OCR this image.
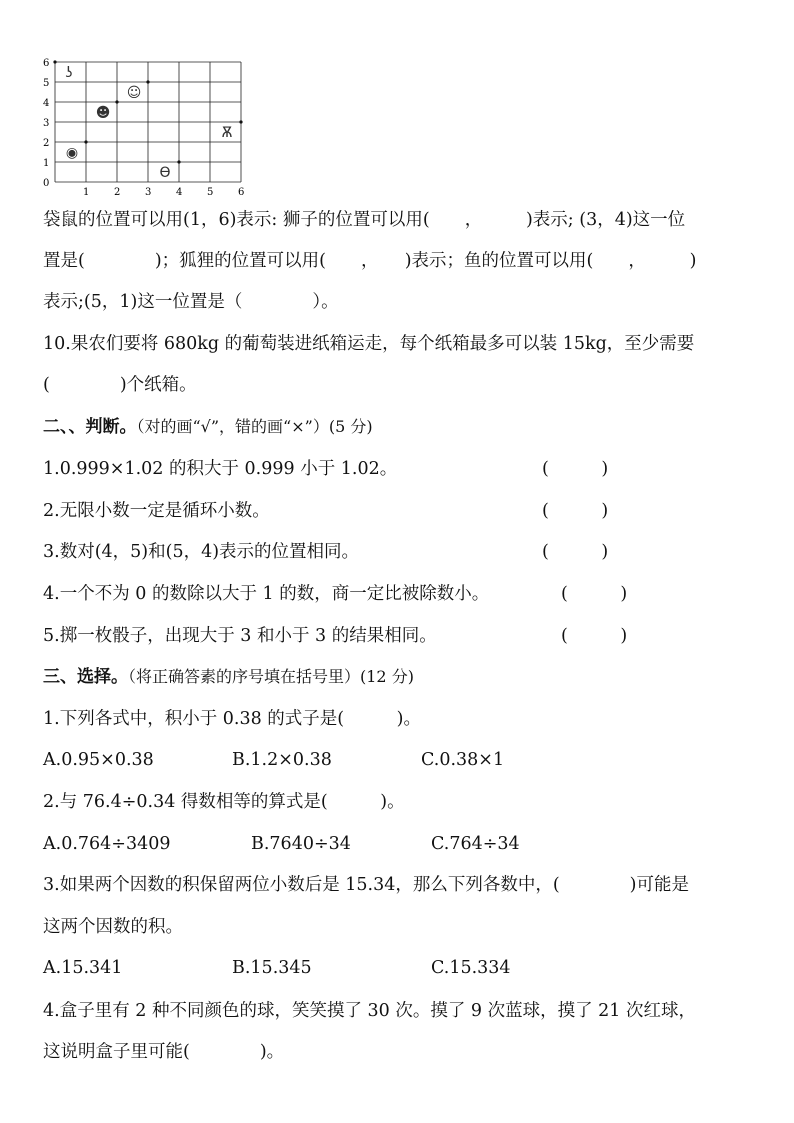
0
1
2
3
4
5
6
1 2 3 4 5 6
ʖ
☺
☻
Ѫ
◉
Ѳ
袋鼠的位置可以用(1，6)表示: 狮子的位置可以用(　　，　　　)表示; (3，4)这一位
置是(　　　　)；狐狸的位置可以用(　　，　　)表示；鱼的位置可以用(　　，　　　)
表示;(5，1)这一位置是（　　　　）。
10.果农们要将 680kg 的葡萄装进纸箱运走，每个纸箱最多可以装 15kg，至少需要
(　　　　)个纸箱。
二、、判断。（对的画“√”，错的画“×”）(5 分)
1.0.999×1.02 的积大于 0.999 小于 1.02。	(　　　)
2.无限小数一定是循环小数。	(　　　)
3.数对(4，5)和(5，4)表示的位置相同。	(　　　)
4.一个不为 0 的数除以大于 1 的数，商一定比被除数小。	(　　　)
5.掷一枚骰子，出现大于 3 和小于 3 的结果相同。	(　　　)
三、选择。（将正确答素的序号填在括号里）(12 分)
1.下列各式中，积小于 0.38 的式子是(　　　)。
A.0.95×0.38	B.1.2×0.38	C.0.38×1
2.与 76.4÷0.34 得数相等的算式是(　　　)。
A.0.764÷3409	B.7640÷34	C.764÷34
3.如果两个因数的积保留两位小数后是 15.34，那么下列各数中，(　　　　)可能是
这两个因数的积。
A.15.341	B.15.345	C.15.334
4.盒子里有 2 种不同颜色的球，笑笑摸了 30 次。摸了 9 次蓝球，摸了 21 次红球，
这说明盒子里可能(　　　　)。
